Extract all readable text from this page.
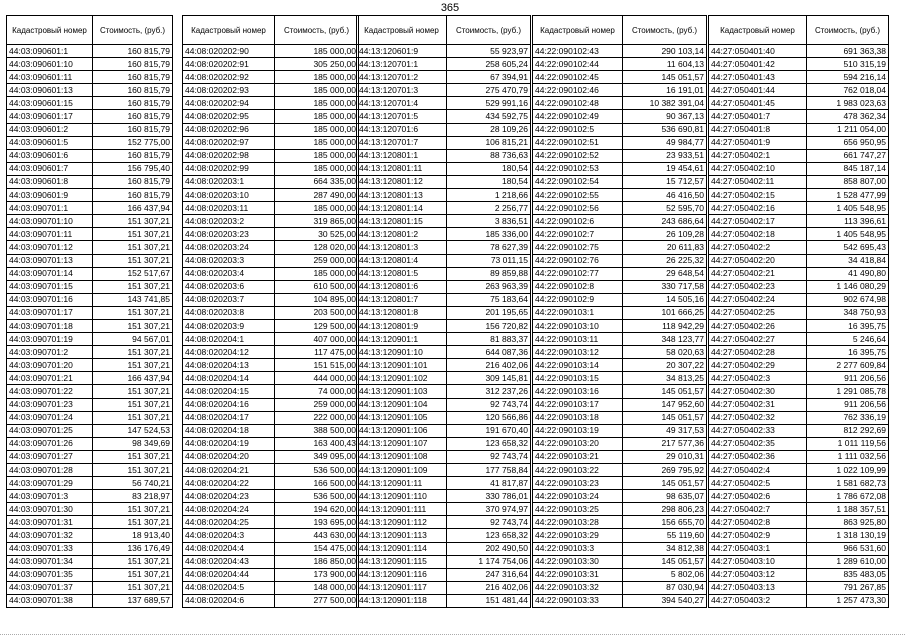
365
Кадастровый номер	Стоимость, (руб.)
44:03:090601:1	160 815,79
44:03:090601:10	160 815,79
44:03:090601:11	160 815,79
44:03:090601:13	160 815,79
44:03:090601:15	160 815,79
44:03:090601:17	160 815,79
44:03:090601:2	160 815,79
44:03:090601:5	152 775,00
44:03:090601:6	160 815,79
44:03:090601:7	156 795,40
44:03:090601:8	160 815,79
44:03:090601:9	160 815,79
44:03:090701:1	166 437,94
44:03:090701:10	151 307,21
44:03:090701:11	151 307,21
44:03:090701:12	151 307,21
44:03:090701:13	151 307,21
44:03:090701:14	152 517,67
44:03:090701:15	151 307,21
44:03:090701:16	143 741,85
44:03:090701:17	151 307,21
44:03:090701:18	151 307,21
44:03:090701:19	94 567,01
44:03:090701:2	151 307,21
44:03:090701:20	151 307,21
44:03:090701:21	166 437,94
44:03:090701:22	151 307,21
44:03:090701:23	151 307,21
44:03:090701:24	151 307,21
44:03:090701:25	147 524,53
44:03:090701:26	98 349,69
44:03:090701:27	151 307,21
44:03:090701:28	151 307,21
44:03:090701:29	56 740,21
44:03:090701:3	83 218,97
44:03:090701:30	151 307,21
44:03:090701:31	151 307,21
44:03:090701:32	18 913,40
44:03:090701:33	136 176,49
44:03:090701:34	151 307,21
44:03:090701:35	151 307,21
44:03:090701:37	151 307,21
44:03:090701:38	137 689,57
Кадастровый номер	Стоимость, (руб.)
44:08:020202:90	185 000,00
44:08:020202:91	305 250,00
44:08:020202:92	185 000,00
44:08:020202:93	185 000,00
44:08:020202:94	185 000,00
44:08:020202:95	185 000,00
44:08:020202:96	185 000,00
44:08:020202:97	185 000,00
44:08:020202:98	185 000,00
44:08:020202:99	185 000,00
44:08:020203:1	664 335,00
44:08:020203:10	287 490,00
44:08:020203:11	185 000,00
44:08:020203:2	319 865,00
44:08:020203:23	30 525,00
44:08:020203:24	128 020,00
44:08:020203:3	259 000,00
44:08:020203:4	185 000,00
44:08:020203:6	610 500,00
44:08:020203:7	104 895,00
44:08:020203:8	203 500,00
44:08:020203:9	129 500,00
44:08:020204:1	407 000,00
44:08:020204:12	117 475,00
44:08:020204:13	151 515,00
44:08:020204:14	444 000,00
44:08:020204:15	74 000,00
44:08:020204:16	259 000,00
44:08:020204:17	222 000,00
44:08:020204:18	388 500,00
44:08:020204:19	163 400,43
44:08:020204:20	349 095,00
44:08:020204:21	536 500,00
44:08:020204:22	166 500,00
44:08:020204:23	536 500,00
44:08:020204:24	194 620,00
44:08:020204:25	193 695,00
44:08:020204:3	443 630,00
44:08:020204:4	154 475,00
44:08:020204:43	186 850,00
44:08:020204:44	173 900,00
44:08:020204:5	148 000,00
44:08:020204:6	277 500,00
Кадастровый номер	Стоимость, (руб.)
44:13:120601:9	55 923,97
44:13:120701:1	258 605,24
44:13:120701:2	67 394,91
44:13:120701:3	275 470,79
44:13:120701:4	529 991,16
44:13:120701:5	434 592,75
44:13:120701:6	28 109,26
44:13:120701:7	106 815,21
44:13:120801:1	88 736,63
44:13:120801:11	180,54
44:13:120801:12	180,54
44:13:120801:13	1 218,66
44:13:120801:14	2 256,77
44:13:120801:15	3 836,51
44:13:120801:2	185 336,00
44:13:120801:3	78 627,39
44:13:120801:4	73 011,15
44:13:120801:5	89 859,88
44:13:120801:6	263 963,39
44:13:120801:7	75 183,64
44:13:120801:8	201 195,65
44:13:120801:9	156 720,82
44:13:120901:1	81 883,37
44:13:120901:10	644 087,36
44:13:120901:101	216 402,06
44:13:120901:102	309 145,81
44:13:120901:103	312 237,26
44:13:120901:104	92 743,74
44:13:120901:105	120 566,86
44:13:120901:106	191 670,40
44:13:120901:107	123 658,32
44:13:120901:108	92 743,74
44:13:120901:109	177 758,84
44:13:120901:11	41 817,87
44:13:120901:110	330 786,01
44:13:120901:111	370 974,97
44:13:120901:112	92 743,74
44:13:120901:113	123 658,32
44:13:120901:114	202 490,50
44:13:120901:115	1 174 754,06
44:13:120901:116	247 316,64
44:13:120901:117	216 402,06
44:13:120901:118	151 481,44
Кадастровый номер	Стоимость, (руб.)
44:22:090102:43	290 103,14
44:22:090102:44	11 604,13
44:22:090102:45	145 051,57
44:22:090102:46	16 191,01
44:22:090102:48	10 382 391,04
44:22:090102:49	90 367,13
44:22:090102:5	536 690,81
44:22:090102:51	49 984,77
44:22:090102:52	23 933,51
44:22:090102:53	19 454,61
44:22:090102:54	15 712,57
44:22:090102:55	46 416,50
44:22:090102:56	52 595,70
44:22:090102:6	243 686,64
44:22:090102:7	26 109,28
44:22:090102:75	20 611,83
44:22:090102:76	26 225,32
44:22:090102:77	29 648,54
44:22:090102:8	330 717,58
44:22:090102:9	14 505,16
44:22:090103:1	101 666,25
44:22:090103:10	118 942,29
44:22:090103:11	348 123,77
44:22:090103:12	58 020,63
44:22:090103:14	20 307,22
44:22:090103:15	34 813,25
44:22:090103:16	145 051,57
44:22:090103:17	147 952,60
44:22:090103:18	145 051,57
44:22:090103:19	49 317,53
44:22:090103:20	217 577,36
44:22:090103:21	29 010,31
44:22:090103:22	269 795,92
44:22:090103:23	145 051,57
44:22:090103:24	98 635,07
44:22:090103:25	298 806,23
44:22:090103:28	156 655,70
44:22:090103:29	55 119,60
44:22:090103:3	34 812,38
44:22:090103:30	145 051,57
44:22:090103:31	5 802,06
44:22:090103:32	87 030,94
44:22:090103:33	394 540,27
Кадастровый номер	Стоимость, (руб.)
44:27:050401:40	691 363,38
44:27:050401:42	510 315,19
44:27:050401:43	594 216,14
44:27:050401:44	762 018,04
44:27:050401:45	1 983 023,63
44:27:050401:7	478 362,34
44:27:050401:8	1 211 054,00
44:27:050401:9	656 950,95
44:27:050402:1	661 747,27
44:27:050402:10	845 187,14
44:27:050402:11	858 807,00
44:27:050402:15	1 528 477,99
44:27:050402:16	1 405 548,95
44:27:050402:17	113 396,61
44:27:050402:18	1 405 548,95
44:27:050402:2	542 695,43
44:27:050402:20	34 418,84
44:27:050402:21	41 490,80
44:27:050402:23	1 146 080,29
44:27:050402:24	902 674,98
44:27:050402:25	348 750,93
44:27:050402:26	16 395,75
44:27:050402:27	5 246,64
44:27:050402:28	16 395,75
44:27:050402:29	2 277 609,84
44:27:050402:3	911 206,56
44:27:050402:30	1 291 085,78
44:27:050402:31	911 206,56
44:27:050402:32	762 336,19
44:27:050402:33	812 292,69
44:27:050402:35	1 011 119,56
44:27:050402:36	1 111 032,56
44:27:050402:4	1 022 109,99
44:27:050402:5	1 581 682,73
44:27:050402:6	1 786 672,08
44:27:050402:7	1 188 357,51
44:27:050402:8	863 925,80
44:27:050402:9	1 318 130,19
44:27:050403:1	966 531,60
44:27:050403:10	1 289 610,00
44:27:050403:12	835 483,05
44:27:050403:13	791 267,85
44:27:050403:2	1 257 473,30
